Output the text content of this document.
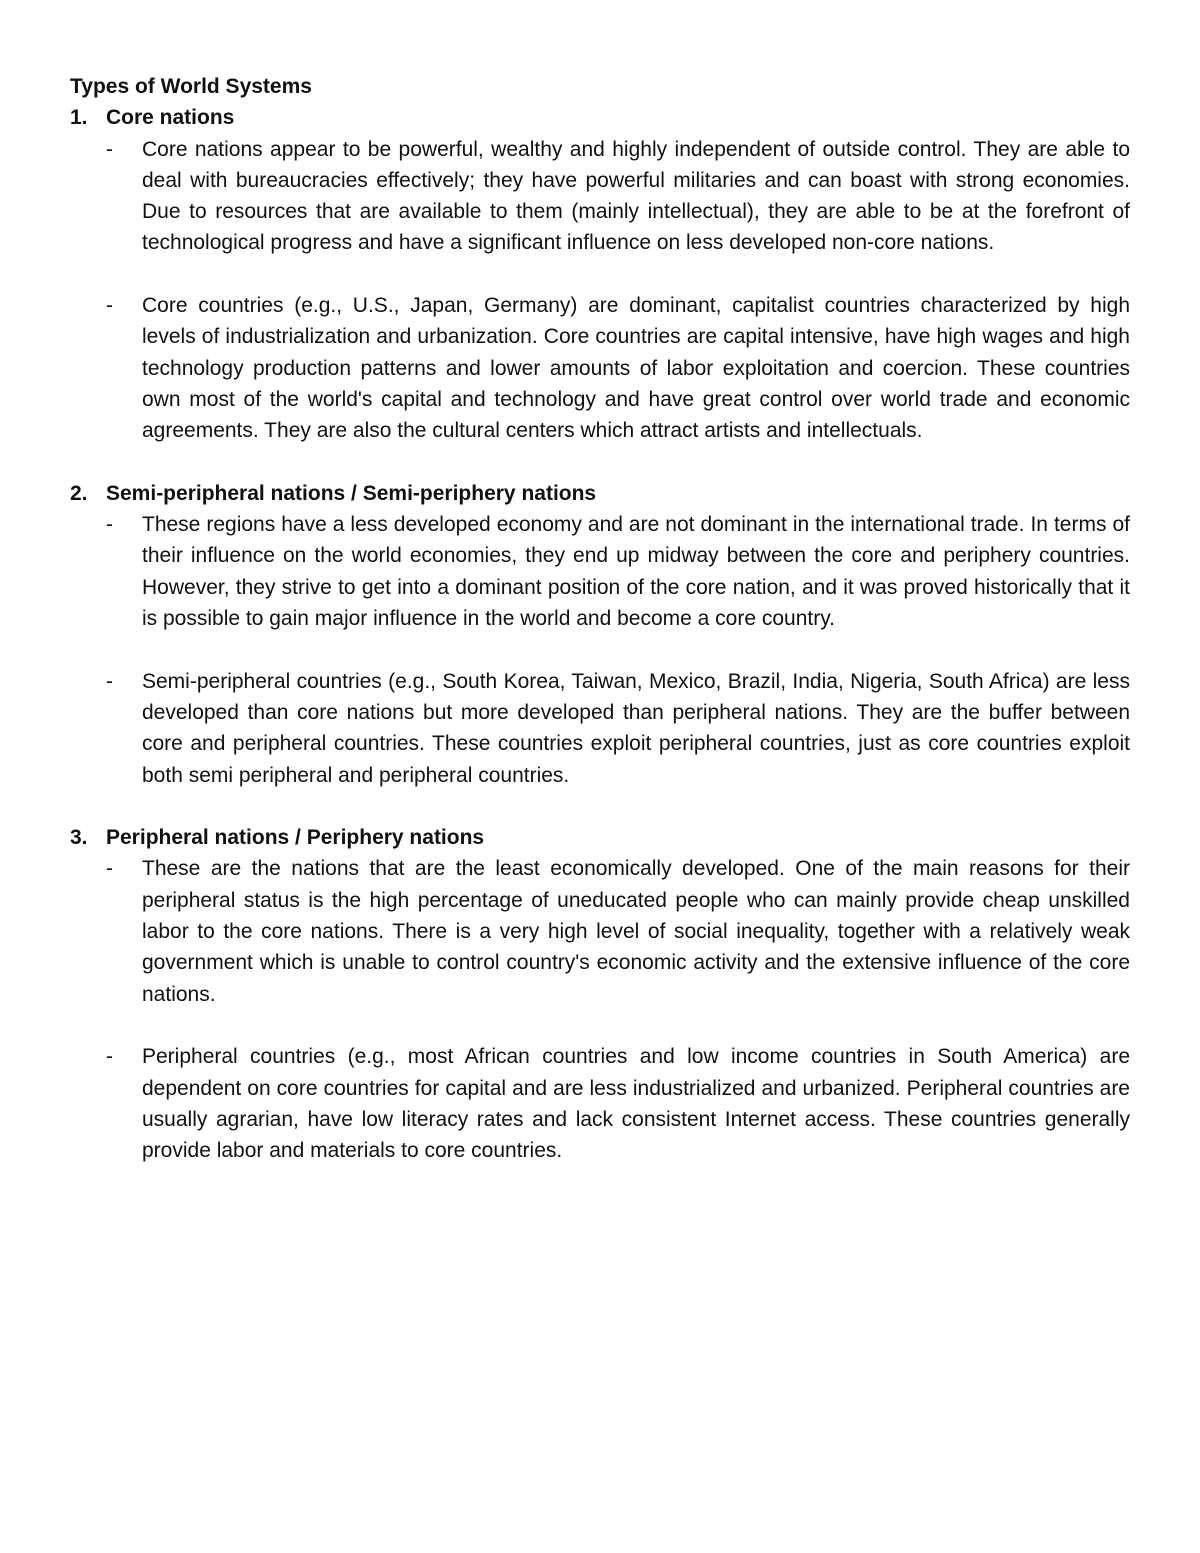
Types of World Systems
1. Core nations
-	Core nations appear to be powerful, wealthy and highly independent of outside control. They are able to deal with bureaucracies effectively; they have powerful militaries and can boast with strong economies. Due to resources that are available to them (mainly intellectual), they are able to be at the forefront of technological progress and have a significant influence on less developed non-core nations.

-	Core countries (e.g., U.S., Japan, Germany) are dominant, capitalist countries characterized by high levels of industrialization and urbanization. Core countries are capital intensive, have high wages and high technology production patterns and lower amounts of labor exploitation and coercion. These countries own most of the world's capital and technology and have great control over world trade and economic agreements. They are also the cultural centers which attract artists and intellectuals.

2. Semi-peripheral nations / Semi-periphery nations
-	These regions have a less developed economy and are not dominant in the international trade. In terms of their influence on the world economies, they end up midway between the core and periphery countries. However, they strive to get into a dominant position of the core nation, and it was proved historically that it is possible to gain major influence in the world and become a core country.

-	Semi-peripheral countries (e.g., South Korea, Taiwan, Mexico, Brazil, India, Nigeria, South Africa) are less developed than core nations but more developed than peripheral nations. They are the buffer between core and peripheral countries. These countries exploit peripheral countries, just as core countries exploit both semi peripheral and peripheral countries.

3. Peripheral nations / Periphery nations
-	These are the nations that are the least economically developed. One of the main reasons for their peripheral status is the high percentage of uneducated people who can mainly provide cheap unskilled labor to the core nations. There is a very high level of social inequality, together with a relatively weak government which is unable to control country's economic activity and the extensive influence of the core nations.

-	Peripheral countries (e.g., most African countries and low income countries in South America) are dependent on core countries for capital and are less industrialized and urbanized. Peripheral countries are usually agrarian, have low literacy rates and lack consistent Internet access. These countries generally provide labor and materials to core countries.
